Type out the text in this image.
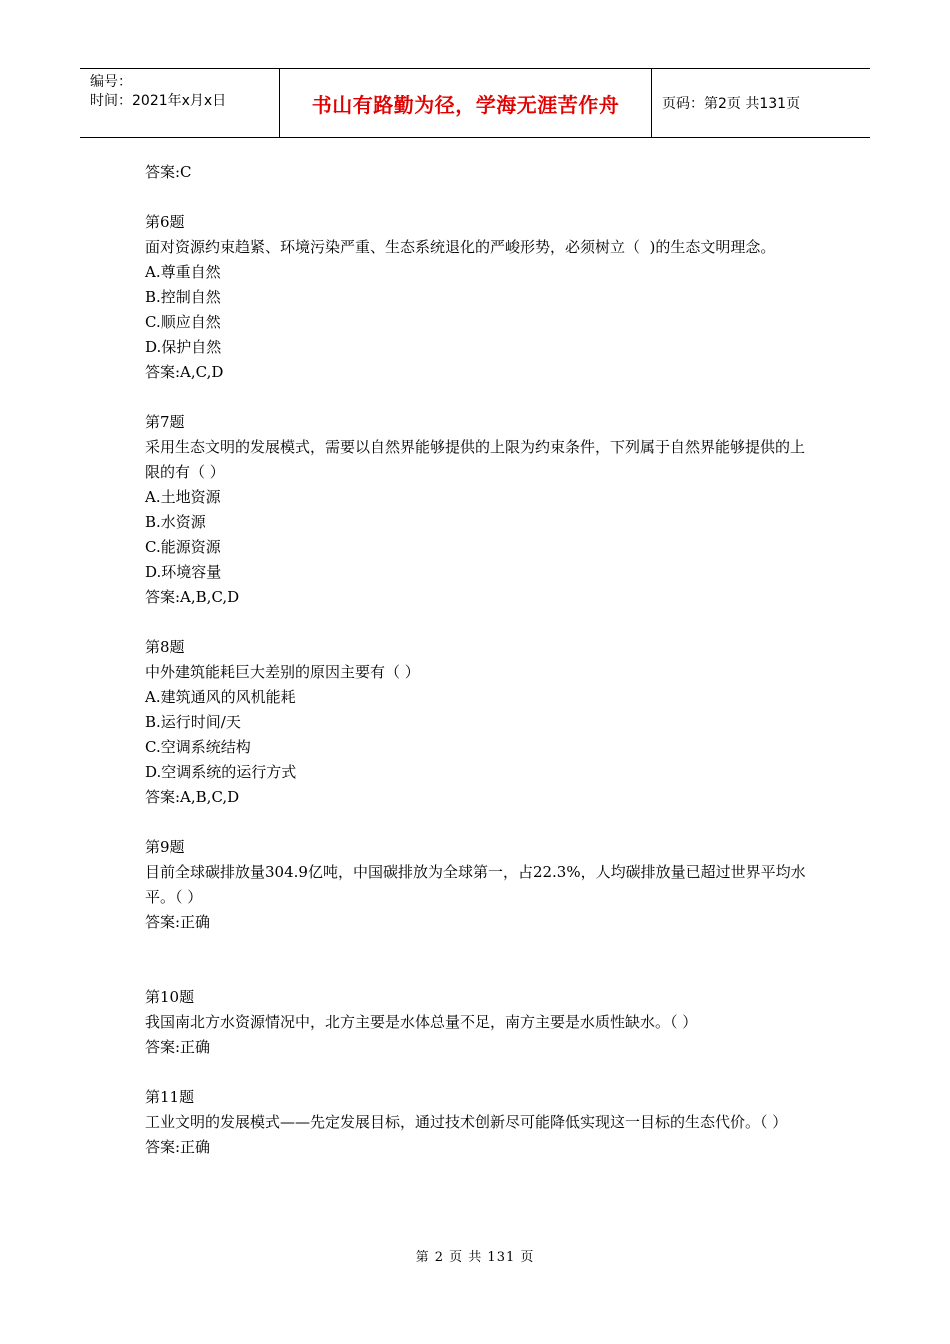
编号：
时间：2021年x月x日	书山有路勤为径，学海无涯苦作舟	页码：第2页 共131页
答案:C
第6题
面对资源约束趋紧、环境污染严重、生态系统退化的严峻形势，必须树立（  )的生态文明理念。
A.尊重自然
B.控制自然
C.顺应自然
D.保护自然
答案:A,C,D
第7题
采用生态文明的发展模式，需要以自然界能够提供的上限为约束条件，下列属于自然界能够提供的上限的有（ ）
A.土地资源
B.水资源
C.能源资源
D.环境容量
答案:A,B,C,D
第8题
中外建筑能耗巨大差别的原因主要有（ ）
A.建筑通风的风机能耗
B.运行时间/天
C.空调系统结构
D.空调系统的运行方式
答案:A,B,C,D
第9题
目前全球碳排放量304.9亿吨，中国碳排放为全球第一，占22.3%，人均碳排放量已超过世界平均水平。（ ）
答案:正确
第10题
我国南北方水资源情况中，北方主要是水体总量不足，南方主要是水质性缺水。（ ）
答案:正确
第11题
工业文明的发展模式——先定发展目标，通过技术创新尽可能降低实现这一目标的生态代价。（ ）
答案:正确
第 2 页 共 131 页
